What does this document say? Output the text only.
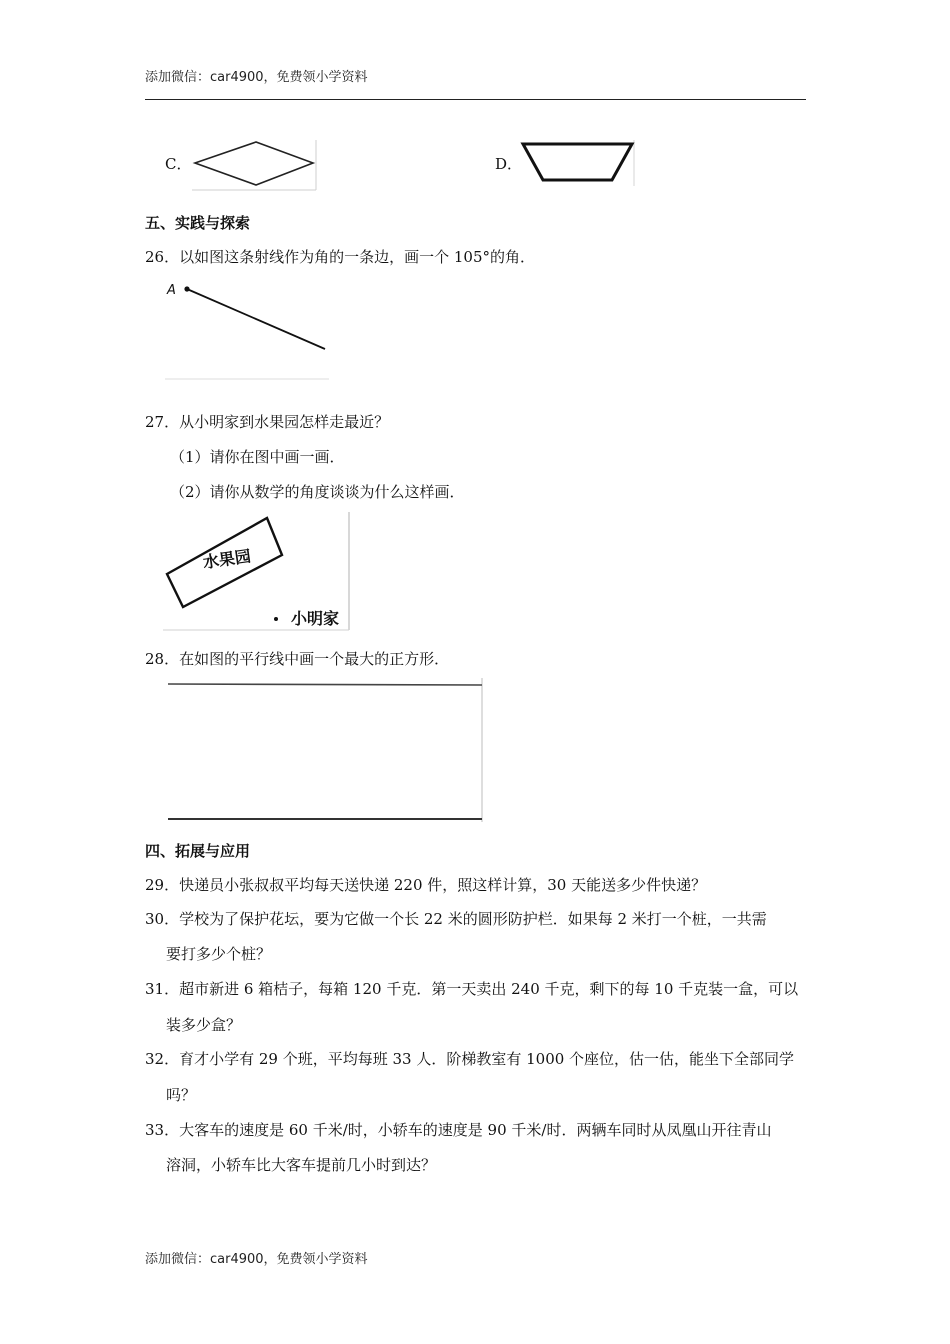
添加微信：car4900，免费领小学资料
C．	D．
五、实践与探索
26．以如图这条射线作为角的一条边，画一个 105°的角．
A
27．从小明家到水果园怎样走最近？
（1）请你在图中画一画．
（2）请你从数学的角度谈谈为什么这样画．
水果园
小明家
28．在如图的平行线中画一个最大的正方形．
四、拓展与应用
29．快递员小张叔叔平均每天送快递 220 件，照这样计算，30 天能送多少件快递？
30．学校为了保护花坛，要为它做一个长 22 米的圆形防护栏．如果每 2 米打一个桩，一共需
要打多少个桩？
31．超市新进 6 箱桔子，每箱 120 千克．第一天卖出 240 千克，剩下的每 10 千克装一盒，可以
装多少盒？
32．育才小学有 29 个班，平均每班 33 人．阶梯教室有 1000 个座位，估一估，能坐下全部同学
吗？
33．大客车的速度是 60 千米/时，小轿车的速度是 90 千米/时．两辆车同时从凤凰山开往青山
溶洞，小轿车比大客车提前几小时到达？
添加微信：car4900，免费领小学资料
